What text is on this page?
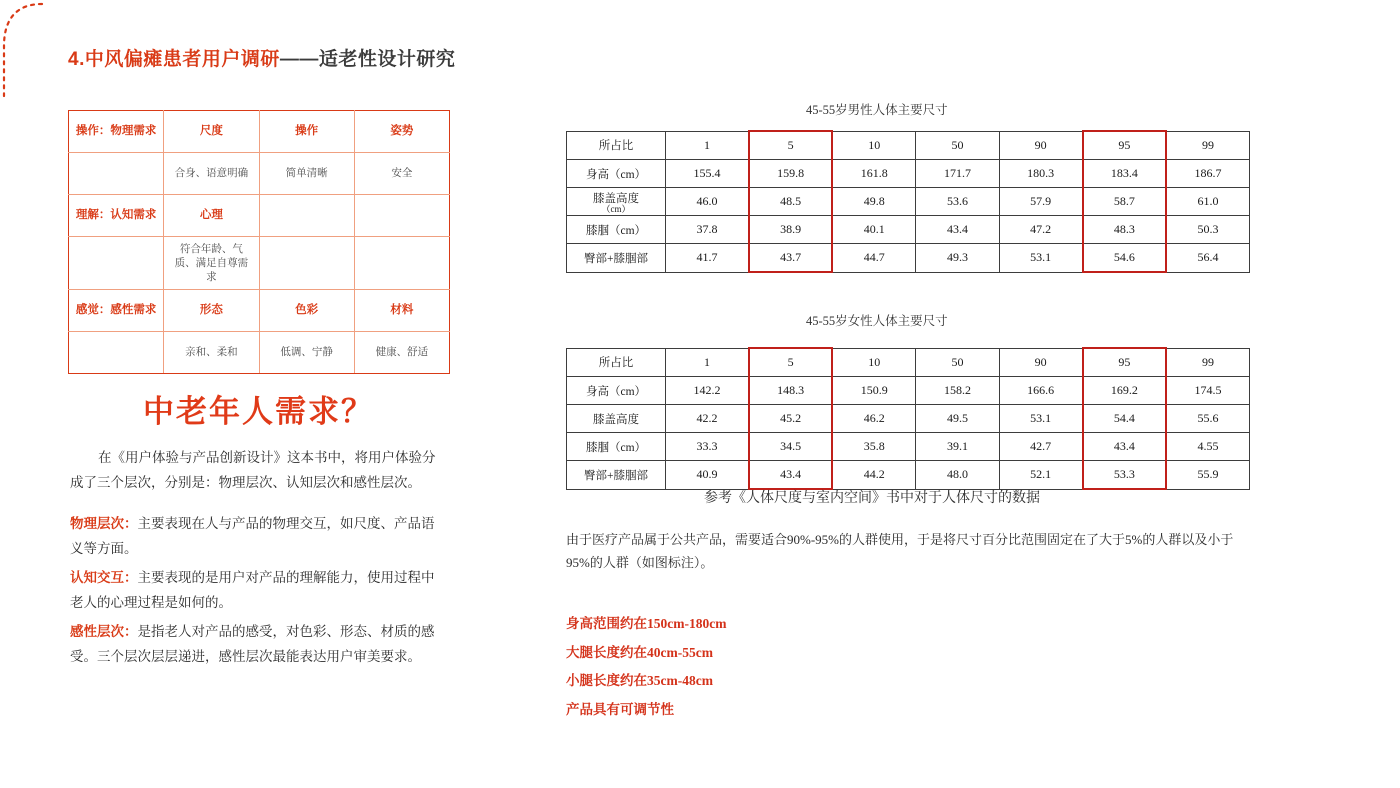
4.中风偏瘫患者用户调研——适老性设计研究
操作：物理需求	尺度	操作	姿势
	合身、语意明确	简单清晰	安全
理解：认知需求	心理		
	符合年龄、气质、满足自尊需求		
感觉：感性需求	形态	色彩	材料
	亲和、柔和	低调、宁静	健康、舒适
中老年人需求？

在《用户体验与产品创新设计》这本书中，将用户体验分成了三个层次，分别是：物理层次、认知层次和感性层次。

物理层次：主要表现在人与产品的物理交互，如尺度、产品语义等方面。

认知交互：主要表现的是用户对产品的理解能力，使用过程中老人的心理过程是如何的。

感性层次：是指老人对产品的感受，对色彩、形态、材质的感受。三个层次层层递进，感性层次最能表达用户审美要求。

45-55岁男性人体主要尺寸
所占比	1	5	10	50	90	95	99
身高（cm）	155.4	159.8	161.8	171.7	180.3	183.4	186.7
膝盖高度
（cm）	46.0	48.5	49.8	53.6	57.9	58.7	61.0
膝腘（cm）	37.8	38.9	40.1	43.4	47.2	48.3	50.3
臀部+膝腘部	41.7	43.7	44.7	49.3	53.1	54.6	56.4
45-55岁女性人体主要尺寸
所占比	1	5	10	50	90	95	99
身高（cm）	142.2	148.3	150.9	158.2	166.6	169.2	174.5
膝盖高度	42.2	45.2	46.2	49.5	53.1	54.4	55.6
膝腘（cm）	33.3	34.5	35.8	39.1	42.7	43.4	4.55
臀部+膝腘部	40.9	43.4	44.2	48.0	52.1	53.3	55.9
参考《人体尺度与室内空间》书中对于人体尺寸的数据
由于医疗产品属于公共产品，需要适合90%-95%的人群使用，于是将尺寸百分比范围固定在了大于5%的人群以及小于95%的人群（如图标注）。
身高范围约在150cm-180cm
大腿长度约在40cm-55cm
小腿长度约在35cm-48cm
产品具有可调节性
